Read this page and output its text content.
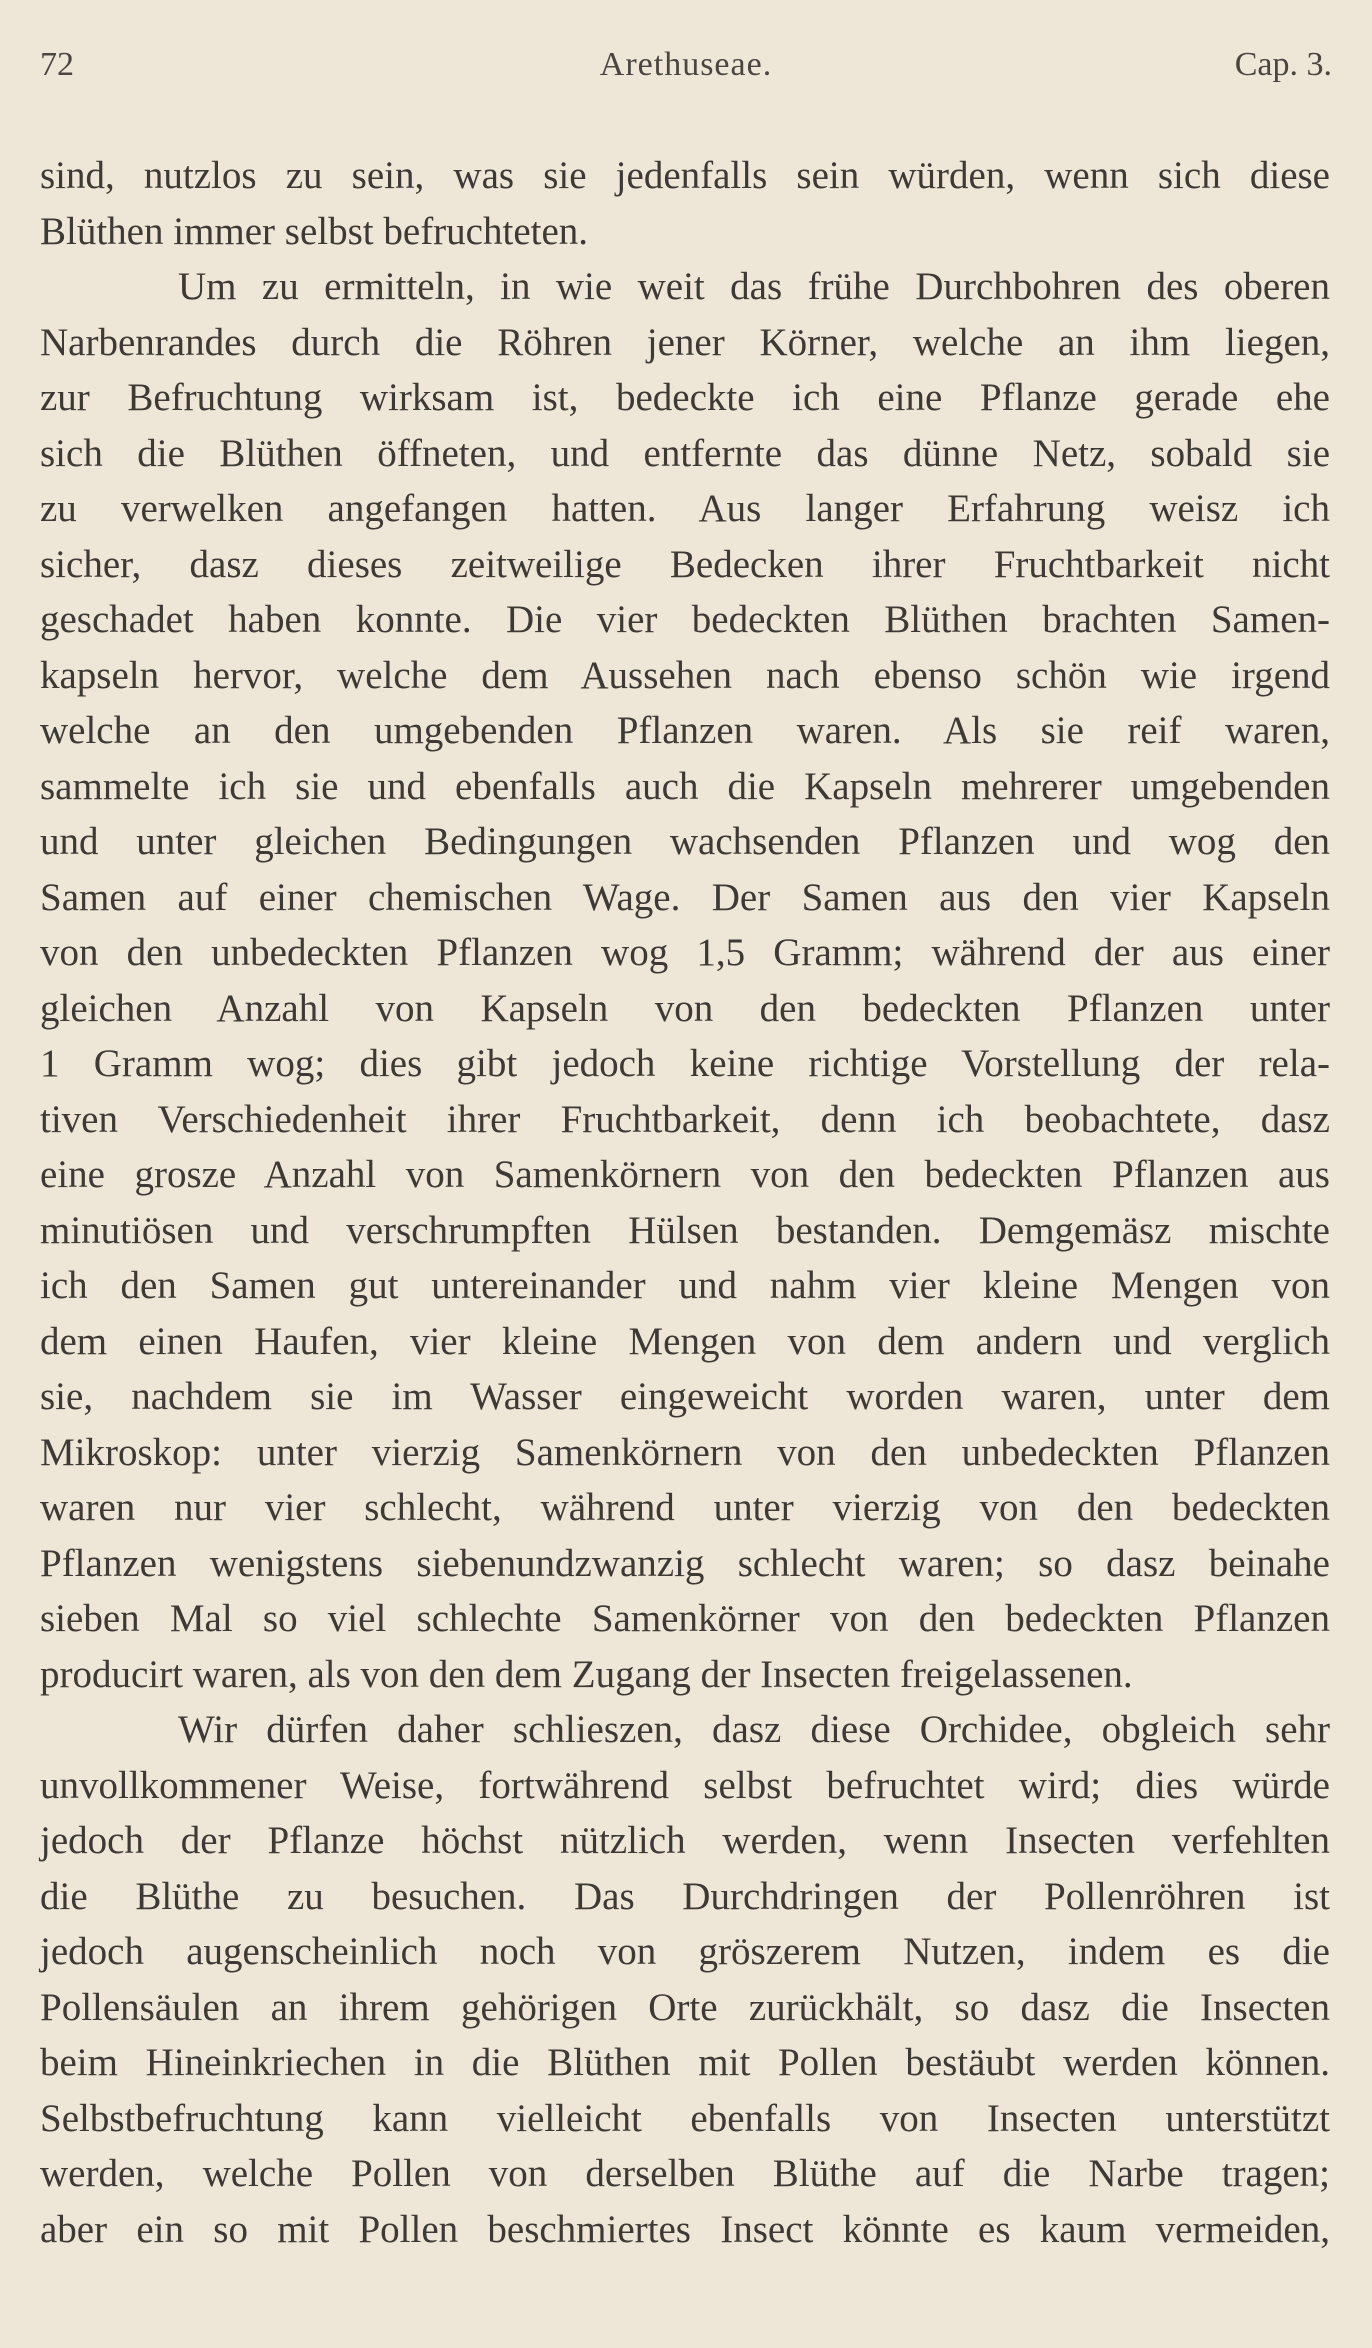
72	Arethuseae.	Cap. 3.
sind, nutzlos zu sein, was sie jedenfalls sein würden, wenn sich diese
Blüthen immer selbst befruchteten.
Um zu ermitteln, in wie weit das frühe Durchbohren des oberen
Narbenrandes durch die Röhren jener Körner, welche an ihm liegen,
zur Befruchtung wirksam ist, bedeckte ich eine Pflanze gerade ehe
sich die Blüthen öffneten, und entfernte das dünne Netz, sobald sie
zu verwelken angefangen hatten. Aus langer Erfahrung weisz ich
sicher, dasz dieses zeitweilige Bedecken ihrer Fruchtbarkeit nicht
geschadet haben konnte. Die vier bedeckten Blüthen brachten Samen-
kapseln hervor, welche dem Aussehen nach ebenso schön wie irgend
welche an den umgebenden Pflanzen waren. Als sie reif waren,
sammelte ich sie und ebenfalls auch die Kapseln mehrerer umgebenden
und unter gleichen Bedingungen wachsenden Pflanzen und wog den
Samen auf einer chemischen Wage. Der Samen aus den vier Kapseln
von den unbedeckten Pflanzen wog 1,5 Gramm; während der aus einer
gleichen Anzahl von Kapseln von den bedeckten Pflanzen unter
1 Gramm wog; dies gibt jedoch keine richtige Vorstellung der rela-
tiven Verschiedenheit ihrer Fruchtbarkeit, denn ich beobachtete, dasz
eine grosze Anzahl von Samenkörnern von den bedeckten Pflanzen aus
minutiösen und verschrumpften Hülsen bestanden. Demgemäsz mischte
ich den Samen gut untereinander und nahm vier kleine Mengen von
dem einen Haufen, vier kleine Mengen von dem andern und verglich
sie, nachdem sie im Wasser eingeweicht worden waren, unter dem
Mikroskop: unter vierzig Samenkörnern von den unbedeckten Pflanzen
waren nur vier schlecht, während unter vierzig von den bedeckten
Pflanzen wenigstens siebenundzwanzig schlecht waren; so dasz beinahe
sieben Mal so viel schlechte Samenkörner von den bedeckten Pflanzen
producirt waren, als von den dem Zugang der Insecten freigelassenen.
Wir dürfen daher schlieszen, dasz diese Orchidee, obgleich sehr
unvollkommener Weise, fortwährend selbst befruchtet wird; dies würde
jedoch der Pflanze höchst nützlich werden, wenn Insecten verfehlten
die Blüthe zu besuchen. Das Durchdringen der Pollenröhren ist
jedoch augenscheinlich noch von gröszerem Nutzen, indem es die
Pollensäulen an ihrem gehörigen Orte zurückhält, so dasz die Insecten
beim Hineinkriechen in die Blüthen mit Pollen bestäubt werden können.
Selbstbefruchtung kann vielleicht ebenfalls von Insecten unterstützt
werden, welche Pollen von derselben Blüthe auf die Narbe tragen;
aber ein so mit Pollen beschmiertes Insect könnte es kaum vermeiden,
